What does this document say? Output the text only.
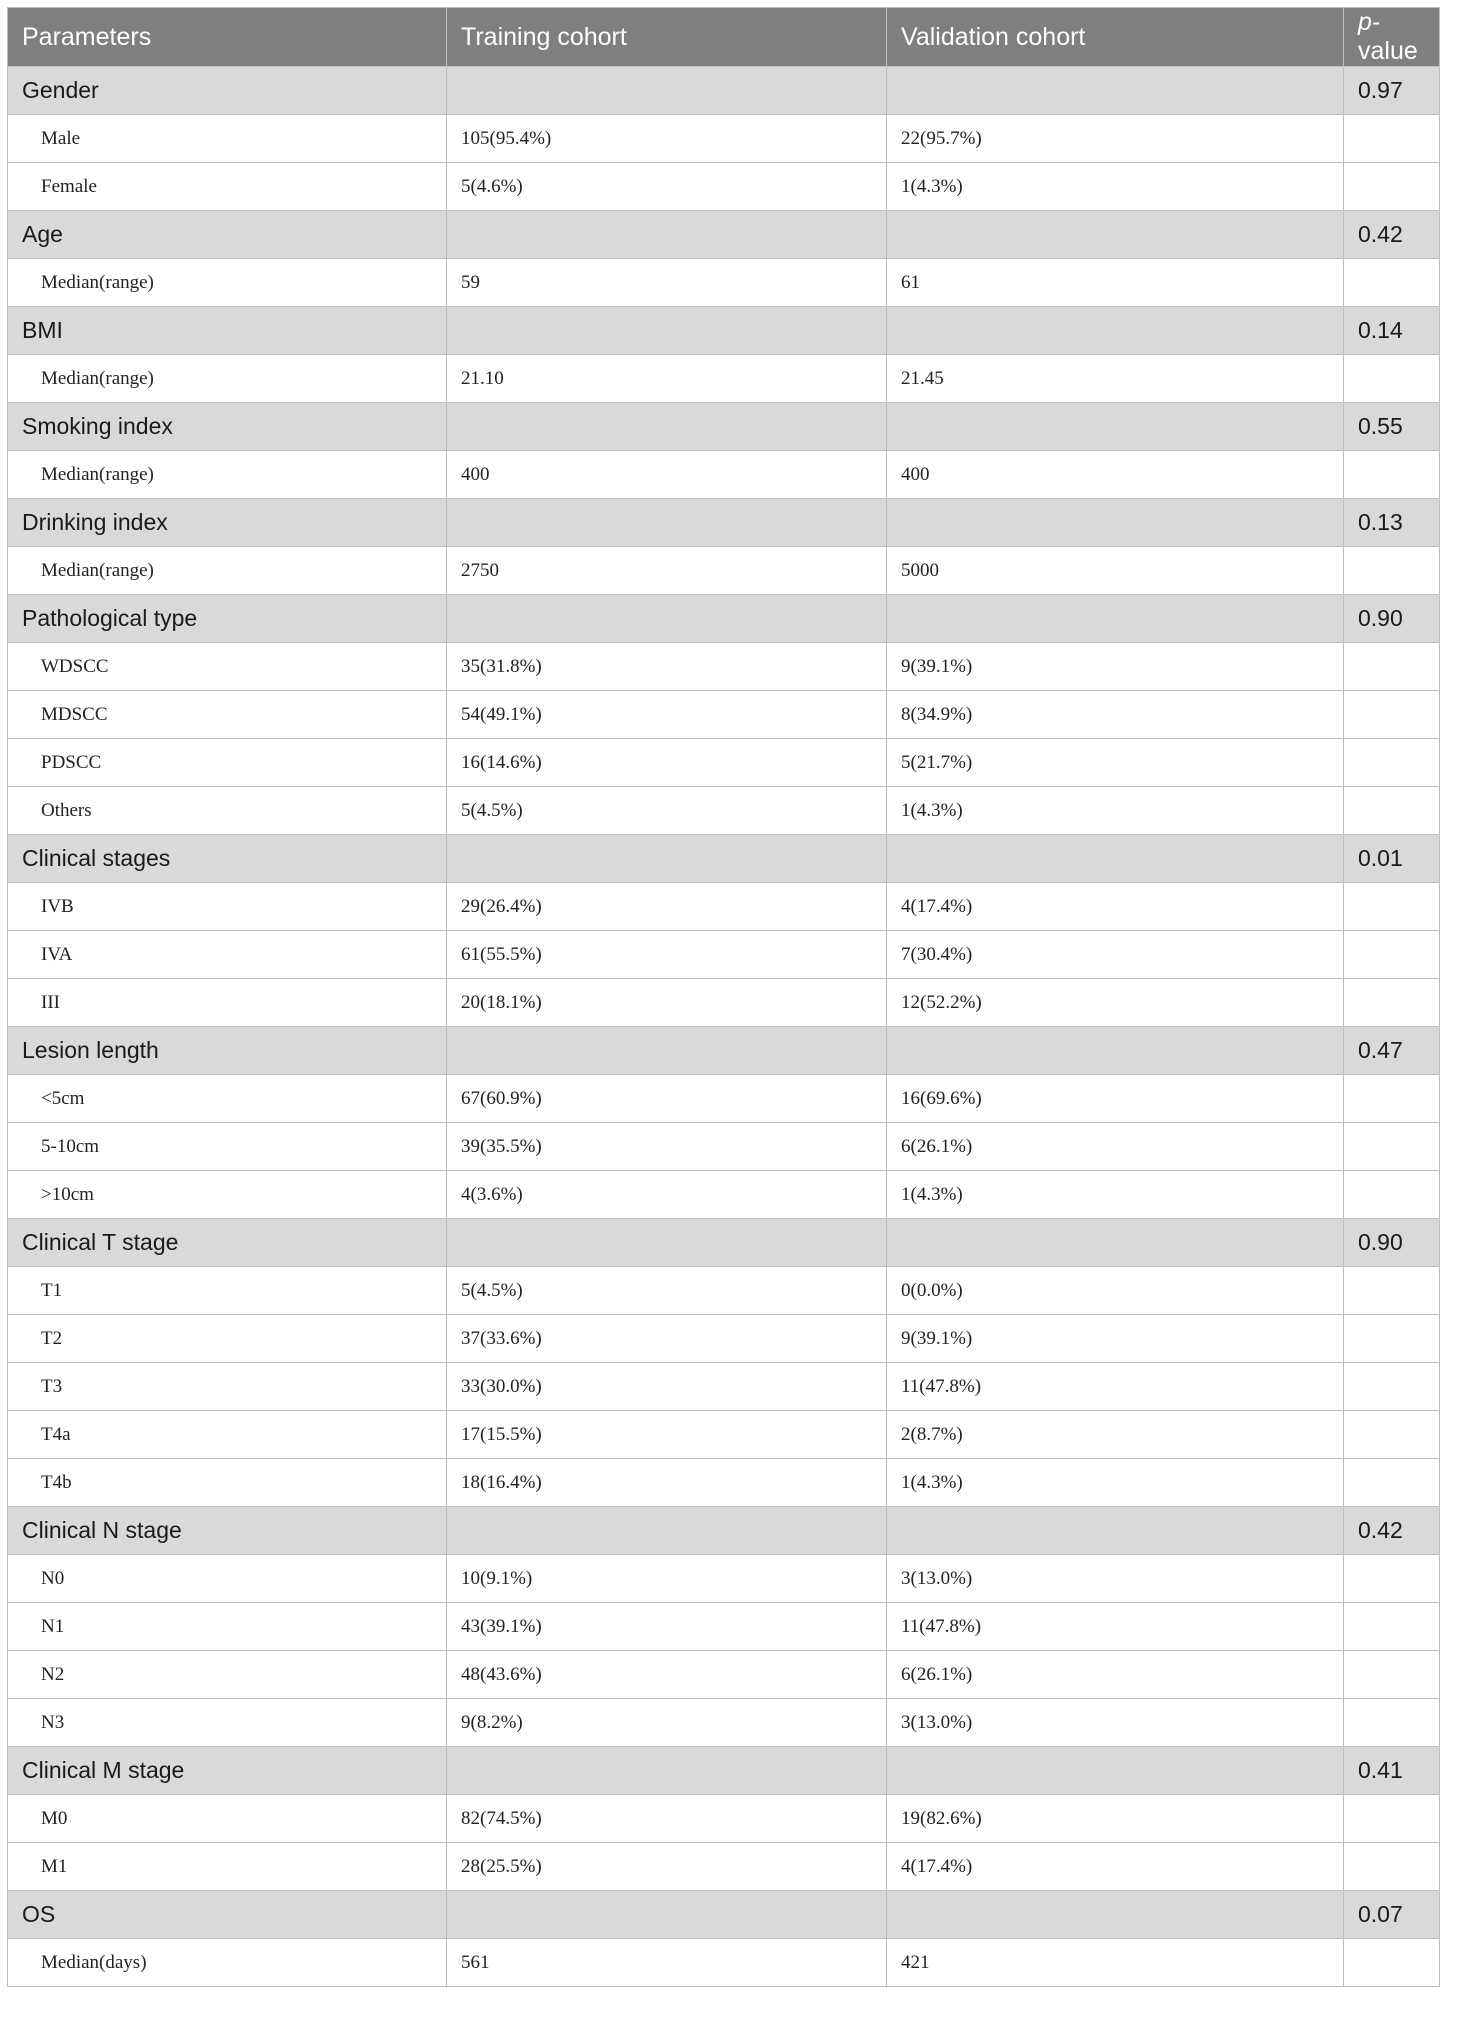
Parameters	Training cohort	Validation cohort	p-value
Gender			0.97
Male	105(95.4%)	22(95.7%)	
Female	5(4.6%)	1(4.3%)	
Age			0.42
Median(range)	59	61	
BMI			0.14
Median(range)	21.10	21.45	
Smoking index			0.55
Median(range)	400	400	
Drinking index			0.13
Median(range)	2750	5000	
Pathological type			0.90
WDSCC	35(31.8%)	9(39.1%)	
MDSCC	54(49.1%)	8(34.9%)	
PDSCC	16(14.6%)	5(21.7%)	
Others	5(4.5%)	1(4.3%)	
Clinical stages			0.01
IVB	29(26.4%)	4(17.4%)	
IVA	61(55.5%)	7(30.4%)	
III	20(18.1%)	12(52.2%)	
Lesion length			0.47
<5cm	67(60.9%)	16(69.6%)	
5-10cm	39(35.5%)	6(26.1%)	
>10cm	4(3.6%)	1(4.3%)	
Clinical T stage			0.90
T1	5(4.5%)	0(0.0%)	
T2	37(33.6%)	9(39.1%)	
T3	33(30.0%)	11(47.8%)	
T4a	17(15.5%)	2(8.7%)	
T4b	18(16.4%)	1(4.3%)	
Clinical N stage			0.42
N0	10(9.1%)	3(13.0%)	
N1	43(39.1%)	11(47.8%)	
N2	48(43.6%)	6(26.1%)	
N3	9(8.2%)	3(13.0%)	
Clinical M stage			0.41
M0	82(74.5%)	19(82.6%)	
M1	28(25.5%)	4(17.4%)	
OS			0.07
Median(days)	561	421	
